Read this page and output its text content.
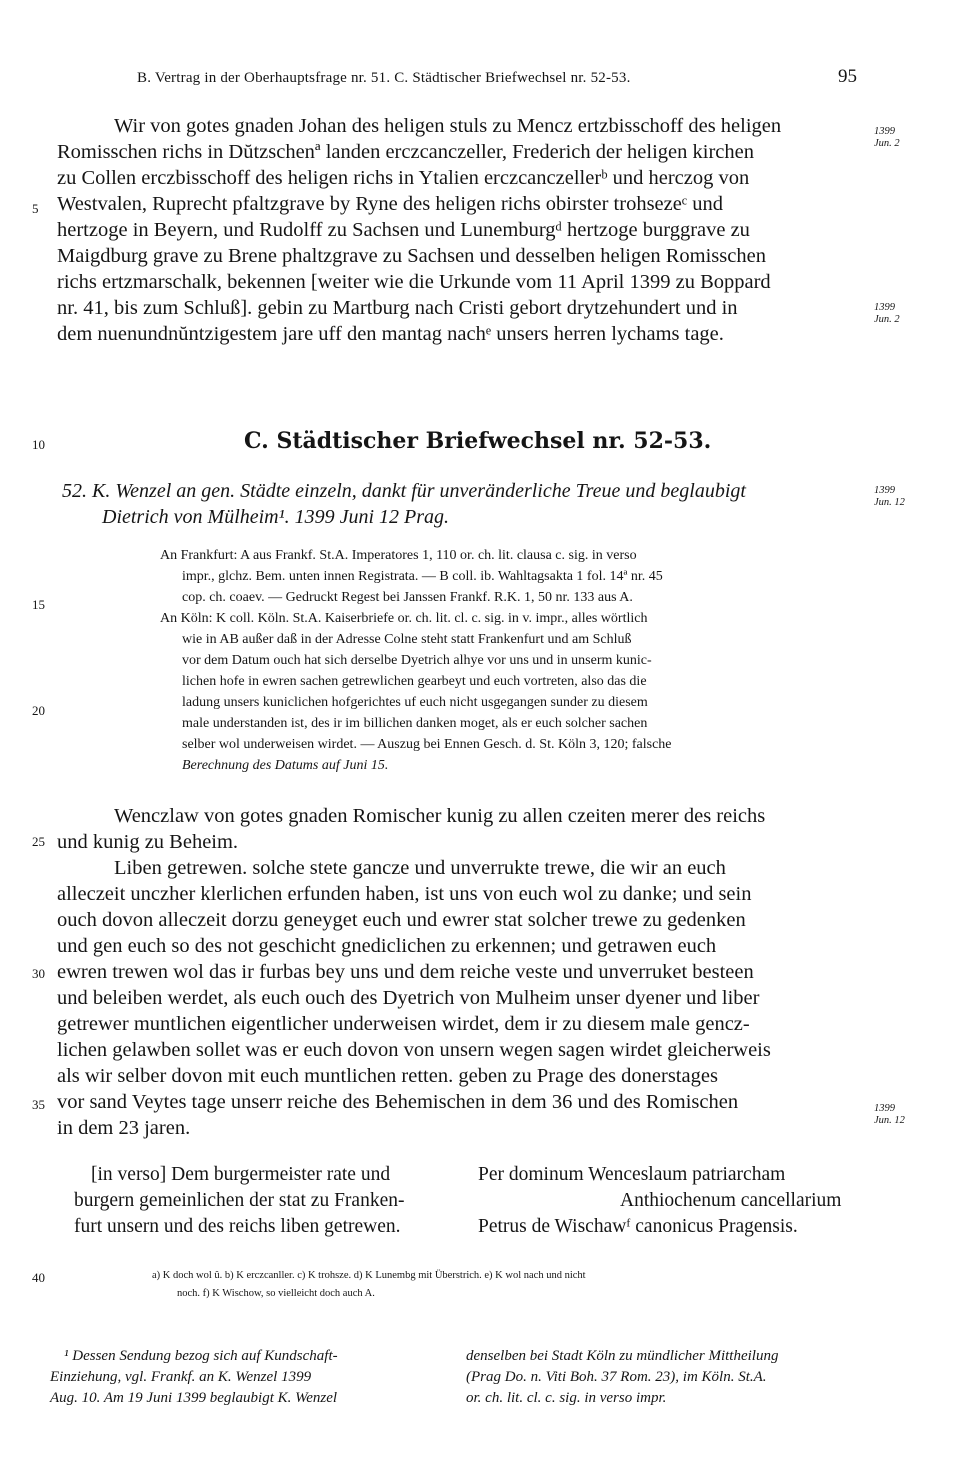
B. Vertrag in der Oberhauptsfrage nr. 51. C. Städtischer Briefwechsel nr. 52-53.	95
Wir von gotes gnaden Johan des heligen stuls zu Mencz ertzbisschoff des heligen
Romisschen richs in Dŭtzschenª landen erczcanczeller, Frederich der heligen kirchen
zu Collen erczbisschoff des heligen richs in Ytalien erczcanczellerᵇ und herczog von
Westvalen, Ruprecht pfaltzgrave by Ryne des heligen richs obirster trohsezeᶜ und
hertzoge in Beyern, und Rudolff zu Sachsen und Lunemburgᵈ hertzoge burggrave zu
Maigdburg grave zu Brene phaltzgrave zu Sachsen und desselben heligen Romisschen
richs ertzmarschalk, bekennen [weiter wie die Urkunde vom 11 April 1399 zu Boppard
nr. 41, bis zum Schluß]. gebin zu Martburg nach Cristi gebort drytzehundert und in
dem nuenundnŭntzigestem jare uff den mantag nachᵉ unsers herren lychams tage.
C. Städtischer Briefwechsel nr. 52-53.
52. K. Wenzel an gen. Städte einzeln, dankt für unveränderliche Treue und beglaubigt
Dietrich von Mülheim¹. 1399 Juni 12 Prag.
An Frankfurt: A aus Frankf. St.A. Imperatores 1, 110 or. ch. lit. clausa c. sig. in verso
impr., glchz. Bem. unten innen Registrata. — B coll. ib. Wahltagsakta 1 fol. 14ª nr. 45
cop. ch. coaev. — Gedruckt Regest bei Janssen Frankf. R.K. 1, 50 nr. 133 aus A.
An Köln: K coll. Köln. St.A. Kaiserbriefe or. ch. lit. cl. c. sig. in v. impr., alles wörtlich
wie in AB außer daß in der Adresse Colne steht statt Frankenfurt und am Schluß
vor dem Datum ouch hat sich derselbe Dyetrich alhye vor uns und in unserm kunic-
lichen hofe in ewren sachen getrewlichen gearbeyt und euch vortreten, also das die
ladung unsers kuniclichen hofgerichtes uf euch nicht usgegangen sunder zu diesem
male understanden ist, des ir im billichen danken moget, als er euch solcher sachen
selber wol underweisen wirdet. — Auszug bei Ennen Gesch. d. St. Köln 3, 120; falsche
Berechnung des Datums auf Juni 15.
Wenczlaw von gotes gnaden Romischer kunig zu allen czeiten merer des reichs
und kunig zu Beheim.
Liben getrewen. solche stete gancze und unverrukte trewe, die wir an euch
alleczeit unczher klerlichen erfunden haben, ist uns von euch wol zu danke; und sein
ouch dovon alleczeit dorzu geneyget euch und ewrer stat solcher trewe zu gedenken
und gen euch so des not geschicht gnediclichen zu erkennen; und getrawen euch
ewren trewen wol das ir furbas bey uns und dem reiche veste und unverruket besteen
und beleiben werdet, als euch ouch des Dyetrich von Mulheim unser dyener und liber
getrewer muntlichen eigentlicher underweisen wirdet, dem ir zu diesem male gencz-
lichen gelawben sollet was er euch dovon von unsern wegen sagen wirdet gleicherweis
als wir selber dovon mit euch muntlichen retten. geben zu Prage des donerstages
vor sand Veytes tage unserr reiche des Behemischen in dem 36 und des Romischen
in dem 23 jaren.
[in verso] Dem burgermeister rate und
burgern gemeinlichen der stat zu Franken-
furt unsern und des reichs liben getrewen.
Per dominum Wenceslaum patriarcham
Anthiochenum cancellarium
Petrus de Wischawᶠ canonicus Pragensis.
a) K doch wol û. b) K erczcanller. c) K trohsze. d) K Lunembg mit Überstrich. e) K wol nach und nicht
noch. f) K Wischow, so vielleicht doch auch A.
¹ Dessen Sendung bezog sich auf Kundschaft-
Einziehung, vgl. Frankf. an K. Wenzel 1399
Aug. 10. Am 19 Juni 1399 beglaubigt K. Wenzel
denselben bei Stadt Köln zu mündlicher Mittheilung
(Prag Do. n. Viti Boh. 37 Rom. 23), im Köln. St.A.
or. ch. lit. cl. c. sig. in verso impr.
5
10
15
20
25
30
35
40
1399
Jun. 2
1399
Jun. 2
1399
Jun. 12
1399
Jun. 12
